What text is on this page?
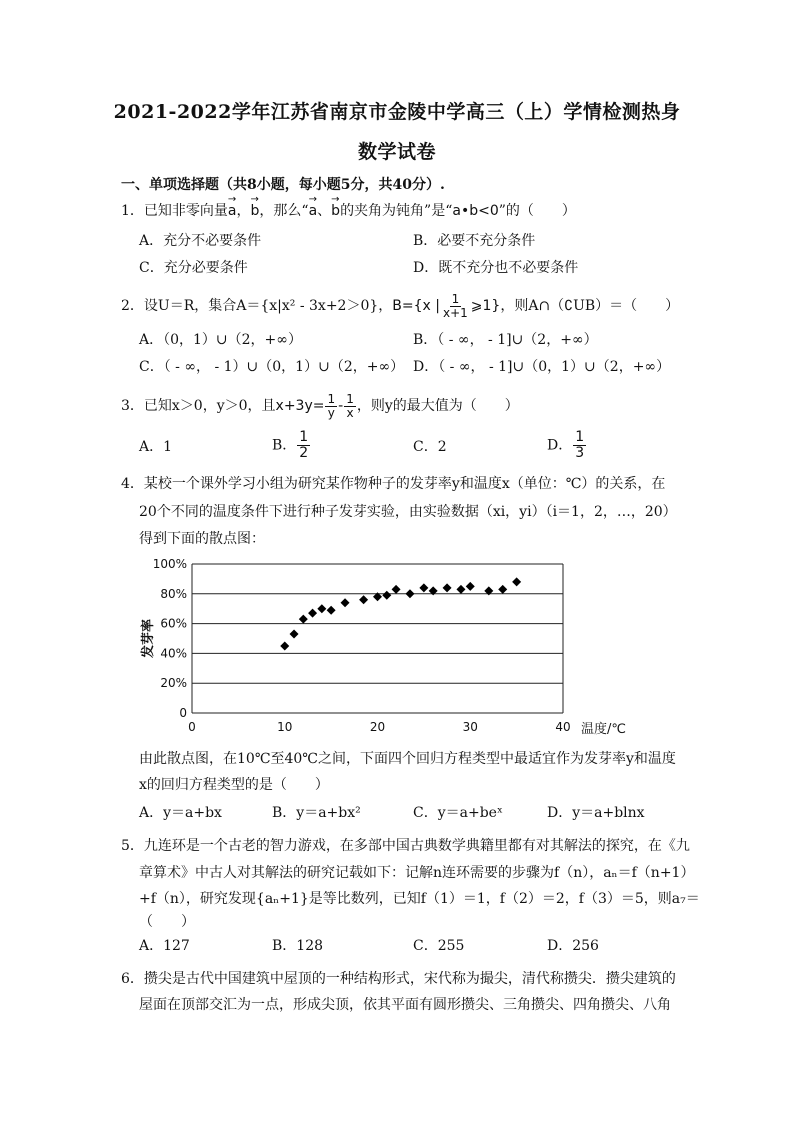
2021-2022学年江苏省南京市金陵中学高三（上）学情检测热身
数学试卷
一、单项选择题（共8小题，每小题5分，共40分）.
1．已知非零向量→ a，→ b，那么“→ a、→ b的夹角为钝角”是“a•b<0”的（　　）
A．充分不必要条件	B．必要不充分条件
C．充分必要条件	D．既不充分也不必要条件
2．设U＝R，集合A＝{x|x² - 3x+2＞0}，B={x | $\frac{1}{x+1}$ ⩾1}，则A∩（∁UB）＝（　　）
A．（0，1）∪（2，+∞）	B．（ - ∞， - 1]∪（2，+∞）
C．（ - ∞， - 1）∪（0，1）∪（2，+∞） D．（ - ∞， - 1]∪（0，1）∪（2，+∞）
3．已知x＞0，y＞0，且$x+3y= \frac{1}{y} - \frac{1}{x}$ ，则y的最大值为（　　）
A．1	B． $\frac{1}{2}$	C．2	D． $\frac{1}{3}$
4．某校一个课外学习小组为研究某作物种子的发芽率y和温度x（单位：℃）的关系，在
20个不同的温度条件下进行种子发芽实验，由实验数据（xi，yi）（i＝1，2，…，20）
得到下面的散点图：
0
20%
40%
60%
80%
100%
0	10	20	30	40
发芽率
温度/℃
由此散点图，在10℃至40℃之间，下面四个回归方程类型中最适宜作为发芽率y和温度
x的回归方程类型的是（　　）
A．y＝a+bx	B．y＝a+bx²	C．y＝a+beˣ	D．y＝a+blnx
5．九连环是一个古老的智力游戏，在多部中国古典数学典籍里都有对其解法的探究，在《九
章算术》中古人对其解法的研究记载如下：记解n连环需要的步骤为f（n），aₙ＝f（n+1）
+f（n），研究发现{aₙ+1}是等比数列，已知f（1）＝1，f（2）＝2，f（3）＝5，则a₇＝
（　　）
A．127	B．128	C．255	D．256
6．攒尖是古代中国建筑中屋顶的一种结构形式，宋代称为撮尖，清代称攒尖．攒尖建筑的
屋面在顶部交汇为一点，形成尖顶，依其平面有圆形攒尖、三角攒尖、四角攒尖、八角
